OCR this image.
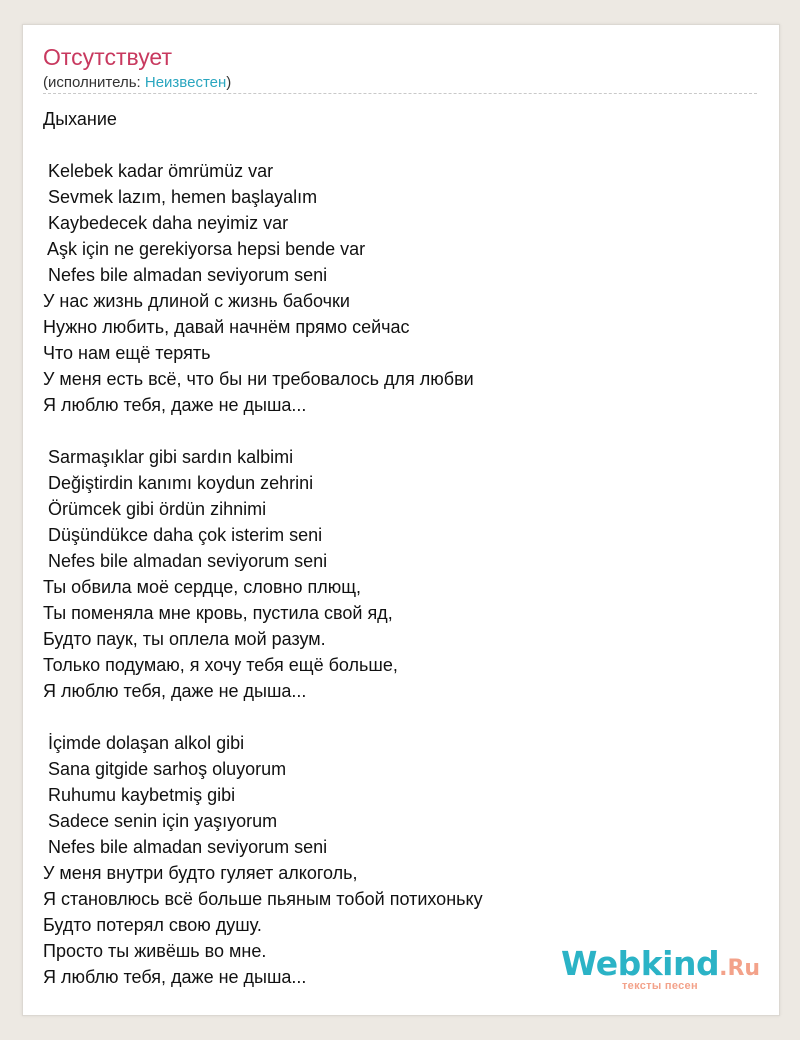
Отсутствует
(исполнитель: Неизвестен)
Дыхание
Kelebek kadar ömrümüz var
Sevmek lazım, hemen başlayalım
Kaybedecek daha neyimiz var
Aşk için ne gerekiyorsa hepsi bende var
Nefes bile almadan seviyorum seni
У нас жизнь длиной с жизнь бабочки
Нужно любить, давай начнём прямо сейчас
Что нам ещё терять
У меня есть всё, что бы ни требовалось для любви
Я люблю тебя, даже не дыша...
Sarmaşıklar gibi sardın kalbimi
Değiştirdin kanımı koydun zehrini
Örümcek gibi ördün zihnimi
Düşündükce daha çok isterim seni
Nefes bile almadan seviyorum seni
Ты обвила моё сердце, словно плющ,
Ты поменяла мне кровь, пустила свой яд,
Будто паук, ты оплела мой разум.
Только подумаю, я хочу тебя ещё больше,
Я люблю тебя, даже не дыша...
İçimde dolaşan alkol gibi
Sana gitgide sarhoş oluyorum
Ruhumu kaybetmiş gibi
Sadece senin için yaşıyorum
Nefes bile almadan seviyorum seni
У меня внутри будто гуляет алкоголь,
Я становлюсь всё больше пьяным тобой потихоньку
Будто потерял свою душу.
Просто ты живёшь во мне.
Я люблю тебя, даже не дыша...	Webkind.Ru
тексты песен
